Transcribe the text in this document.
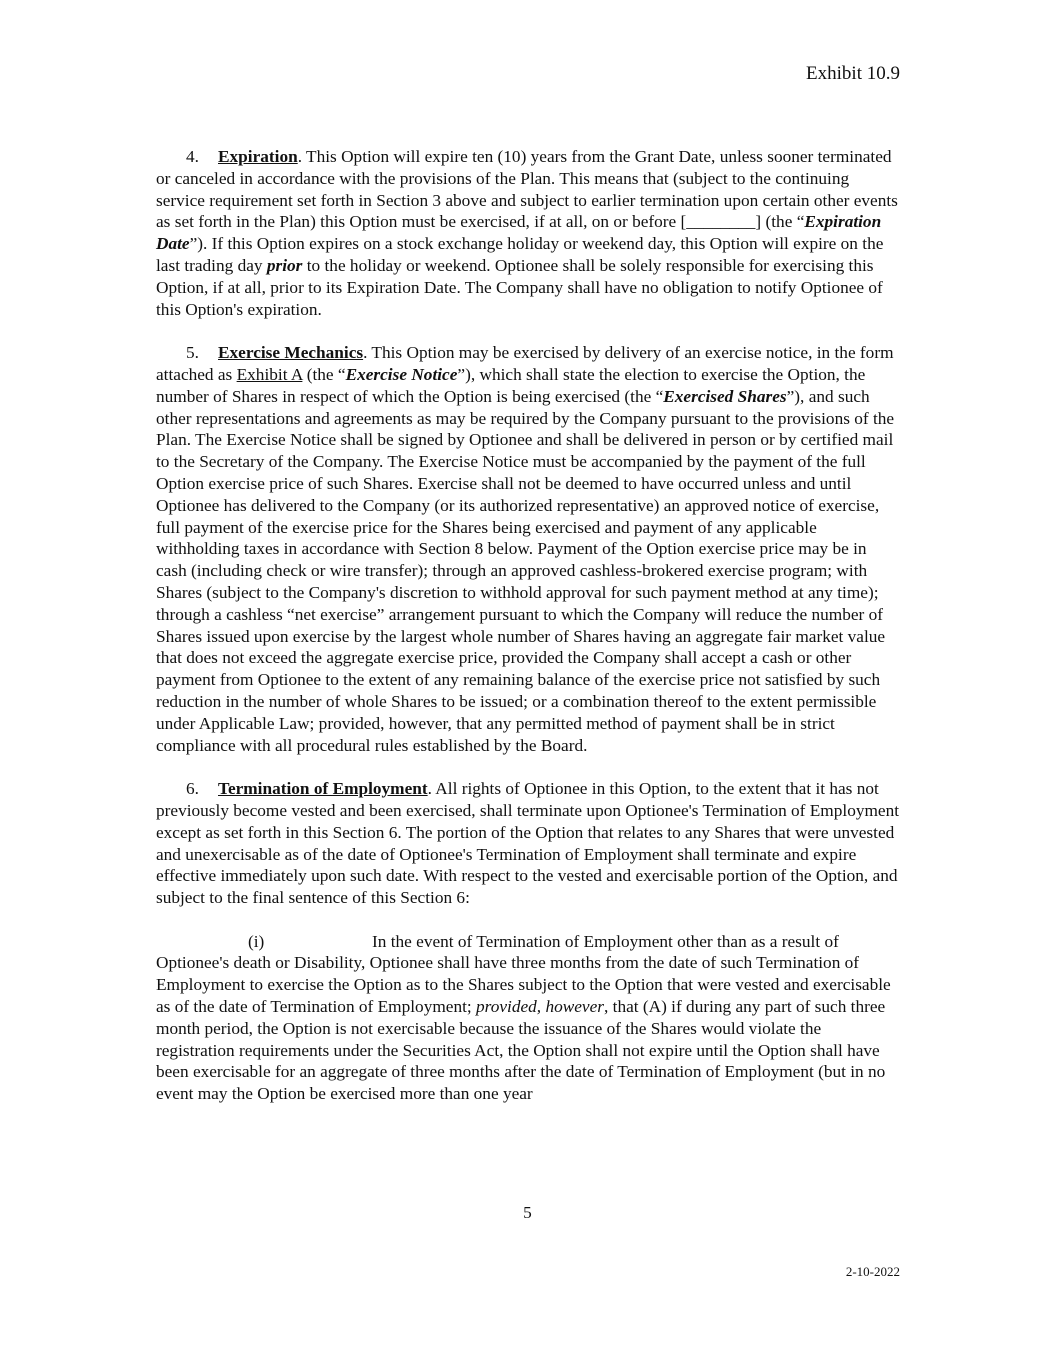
Exhibit 10.9

4. Expiration. This Option will expire ten (10) years from the Grant Date, unless sooner terminated or canceled in accordance with the provisions of the Plan. This means that (subject to the continuing service requirement set forth in Section 3 above and subject to earlier termination upon certain other events as set forth in the Plan) this Option must be exercised, if at all, on or before [________] (the “Expiration Date”). If this Option expires on a stock exchange holiday or weekend day, this Option will expire on the last trading day prior to the holiday or weekend. Optionee shall be solely responsible for exercising this Option, if at all, prior to its Expiration Date. The Company shall have no obligation to notify Optionee of this Option's expiration.

5. Exercise Mechanics. This Option may be exercised by delivery of an exercise notice, in the form attached as Exhibit A (the “Exercise Notice”), which shall state the election to exercise the Option, the number of Shares in respect of which the Option is being exercised (the “Exercised Shares”), and such other representations and agreements as may be required by the Company pursuant to the provisions of the Plan. The Exercise Notice shall be signed by Optionee and shall be delivered in person or by certified mail to the Secretary of the Company. The Exercise Notice must be accompanied by the payment of the full Option exercise price of such Shares. Exercise shall not be deemed to have occurred unless and until Optionee has delivered to the Company (or its authorized representative) an approved notice of exercise, full payment of the exercise price for the Shares being exercised and payment of any applicable withholding taxes in accordance with Section 8 below. Payment of the Option exercise price may be in cash (including check or wire transfer); through an approved cashless-brokered exercise program; with Shares (subject to the Company's discretion to withhold approval for such payment method at any time); through a cashless “net exercise” arrangement pursuant to which the Company will reduce the number of Shares issued upon exercise by the largest whole number of Shares having an aggregate fair market value that does not exceed the aggregate exercise price, provided the Company shall accept a cash or other payment from Optionee to the extent of any remaining balance of the exercise price not satisfied by such reduction in the number of whole Shares to be issued; or a combination thereof to the extent permissible under Applicable Law; provided, however, that any permitted method of payment shall be in strict compliance with all procedural rules established by the Board.

6. Termination of Employment. All rights of Optionee in this Option, to the extent that it has not previously become vested and been exercised, shall terminate upon Optionee's Termination of Employment except as set forth in this Section 6. The portion of the Option that relates to any Shares that were unvested and unexercisable as of the date of Optionee's Termination of Employment shall terminate and expire effective immediately upon such date. With respect to the vested and exercisable portion of the Option, and subject to the final sentence of this Section 6:

(i)	In the event of Termination of Employment other than as a result of Optionee's death or Disability, Optionee shall have three months from the date of such Termination of Employment to exercise the Option as to the Shares subject to the Option that were vested and exercisable as of the date of Termination of Employment; provided, however, that (A) if during any part of such three month period, the Option is not exercisable because the issuance of the Shares would violate the registration requirements under the Securities Act, the Option shall not expire until the Option shall have been exercisable for an aggregate of three months after the date of Termination of Employment (but in no event may the Option be exercised more than one year

5

2-10-2022
